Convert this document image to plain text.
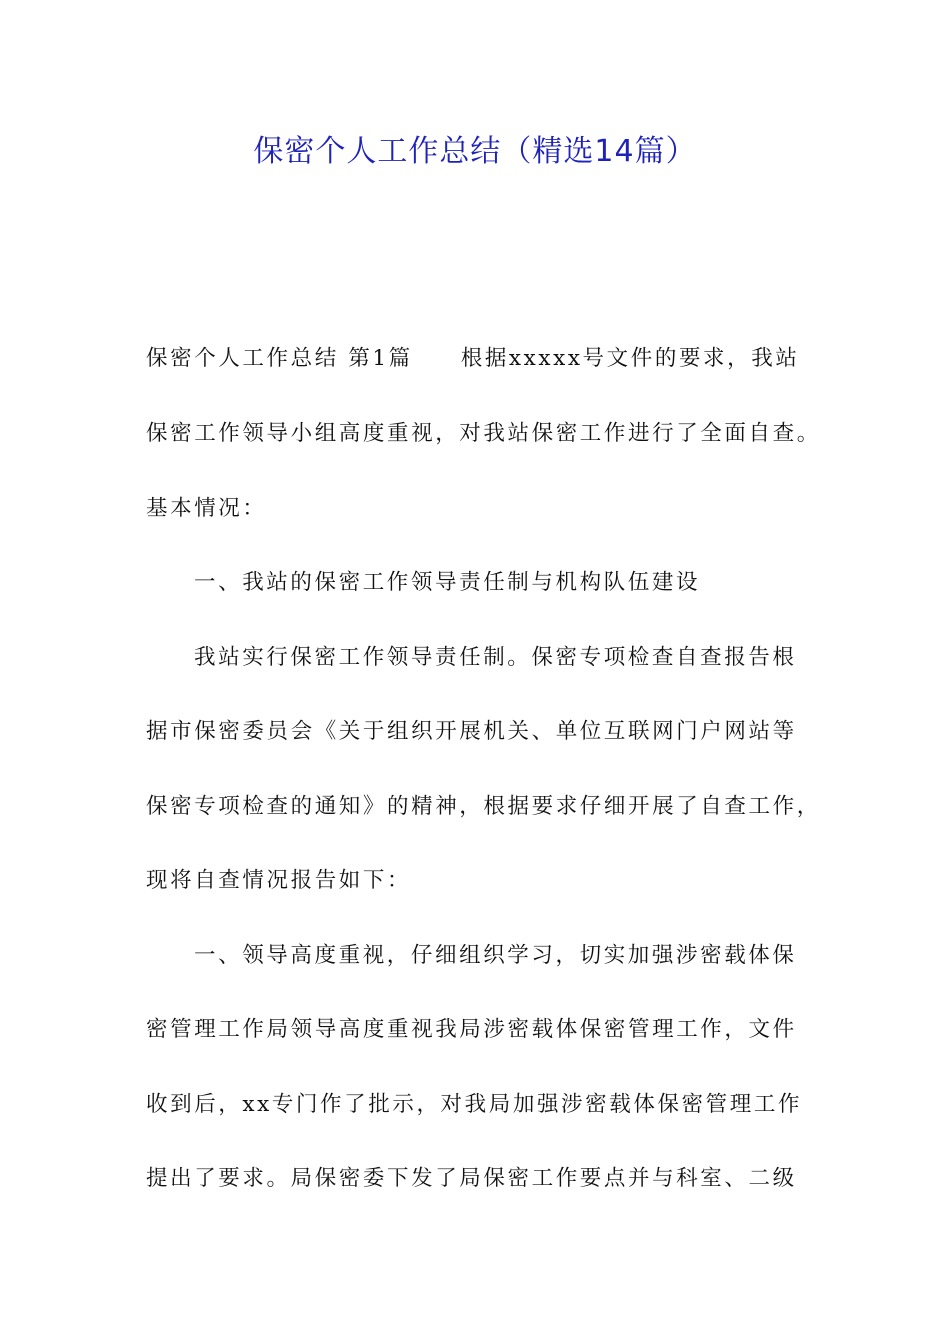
保密个人工作总结（精选14篇）
保密个人工作总结 第1篇 根据xxxxx号文件的要求，我站
保密工作领导小组高度重视，对我站保密工作进行了全面自查。
基本情况：
一、我站的保密工作领导责任制与机构队伍建设
我站实行保密工作领导责任制。保密专项检查自查报告根
据市保密委员会《关于组织开展机关、单位互联网门户网站等
保密专项检查的通知》的精神，根据要求仔细开展了自查工作，
现将自查情况报告如下：
一、领导高度重视，仔细组织学习，切实加强涉密载体保
密管理工作局领导高度重视我局涉密载体保密管理工作，文件
收到后，xx专门作了批示，对我局加强涉密载体保密管理工作
提出了要求。局保密委下发了局保密工作要点并与科室、二级
